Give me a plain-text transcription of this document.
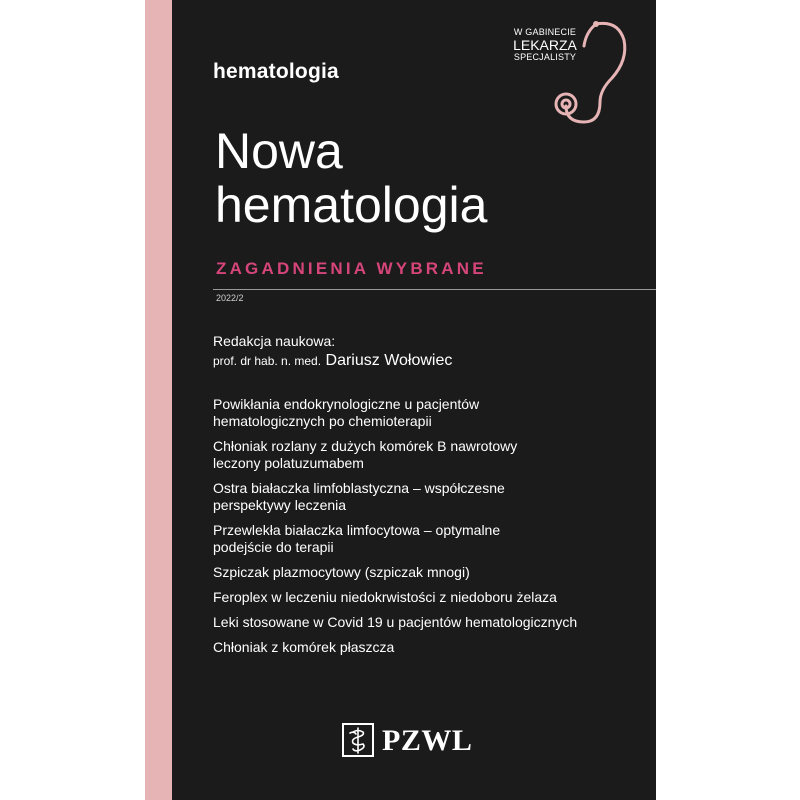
hematologia
W GABINECIE
LEKARZA
SPECJALISTY
Nowa
hematologia
ZAGADNIENIA WYBRANE
2022/2
Redakcja naukowa:
prof. dr hab. n. med. Dariusz Wołowiec
Powikłania endokrynologiczne u pacjentów
hematologicznych po chemioterapii
Chłoniak rozlany z dużych komórek B nawrotowy
leczony polatuzumabem
Ostra białaczka limfoblastyczna – współczesne
perspektywy leczenia
Przewlekła białaczka limfocytowa – optymalne
podejście do terapii
Szpiczak plazmocytowy (szpiczak mnogi)
Feroplex w leczeniu niedokrwistości z niedoboru żelaza
Leki stosowane w Covid 19 u pacjentów hematologicznych
Chłoniak z komórek płaszcza
PZWL
